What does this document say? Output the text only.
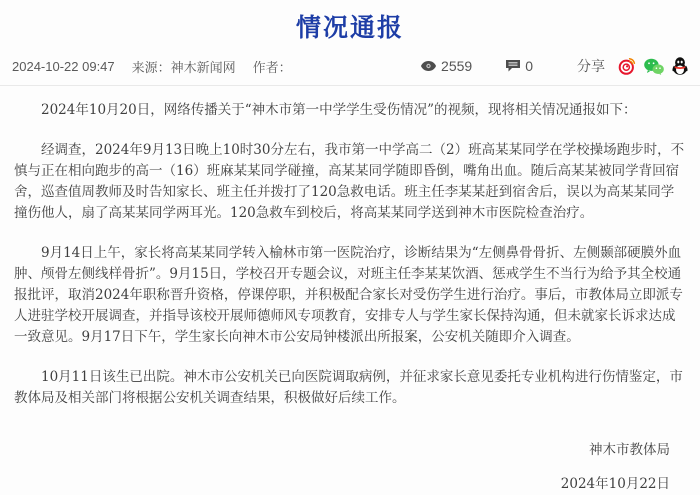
情况通报
2024-10-22 09:47 来源：神木新闻网 作者：	2559	0	分享

2024年10月20日，网络传播关于“神木市第一中学学生受伤情况”的视频，现将相关情况通报如下：

经调查，2024年9月13日晚上10时30分左右，我市第一中学高二（2）班高某某同学在学校操场跑步时，不慎与正在相向跑步的高一（16）班麻某某同学碰撞，高某某同学随即昏倒，嘴角出血。随后高某某被同学背回宿舍，巡查值周教师及时告知家长、班主任并拨打了120急救电话。班主任李某某赶到宿舍后，误以为高某某同学撞伤他人，扇了高某某同学两耳光。120急救车到校后，将高某某同学送到神木市医院检查治疗。

9月14日上午，家长将高某某同学转入榆林市第一医院治疗，诊断结果为“左侧鼻骨骨折、左侧颞部硬膜外血肿、颅骨左侧线样骨折”。9月15日，学校召开专题会议，对班主任李某某饮酒、惩戒学生不当行为给予其全校通报批评，取消2024年职称晋升资格，停课停职，并积极配合家长对受伤学生进行治疗。事后，市教体局立即派专人进驻学校开展调查，并指导该校开展师德师风专项教育，安排专人与学生家长保持沟通，但未就家长诉求达成一致意见。9月17日下午，学生家长向神木市公安局钟楼派出所报案，公安机关随即介入调查。

10月11日该生已出院。神木市公安机关已向医院调取病例，并征求家长意见委托专业机构进行伤情鉴定，市教体局及相关部门将根据公安机关调查结果，积极做好后续工作。

神木市教体局
2024年10月22日
